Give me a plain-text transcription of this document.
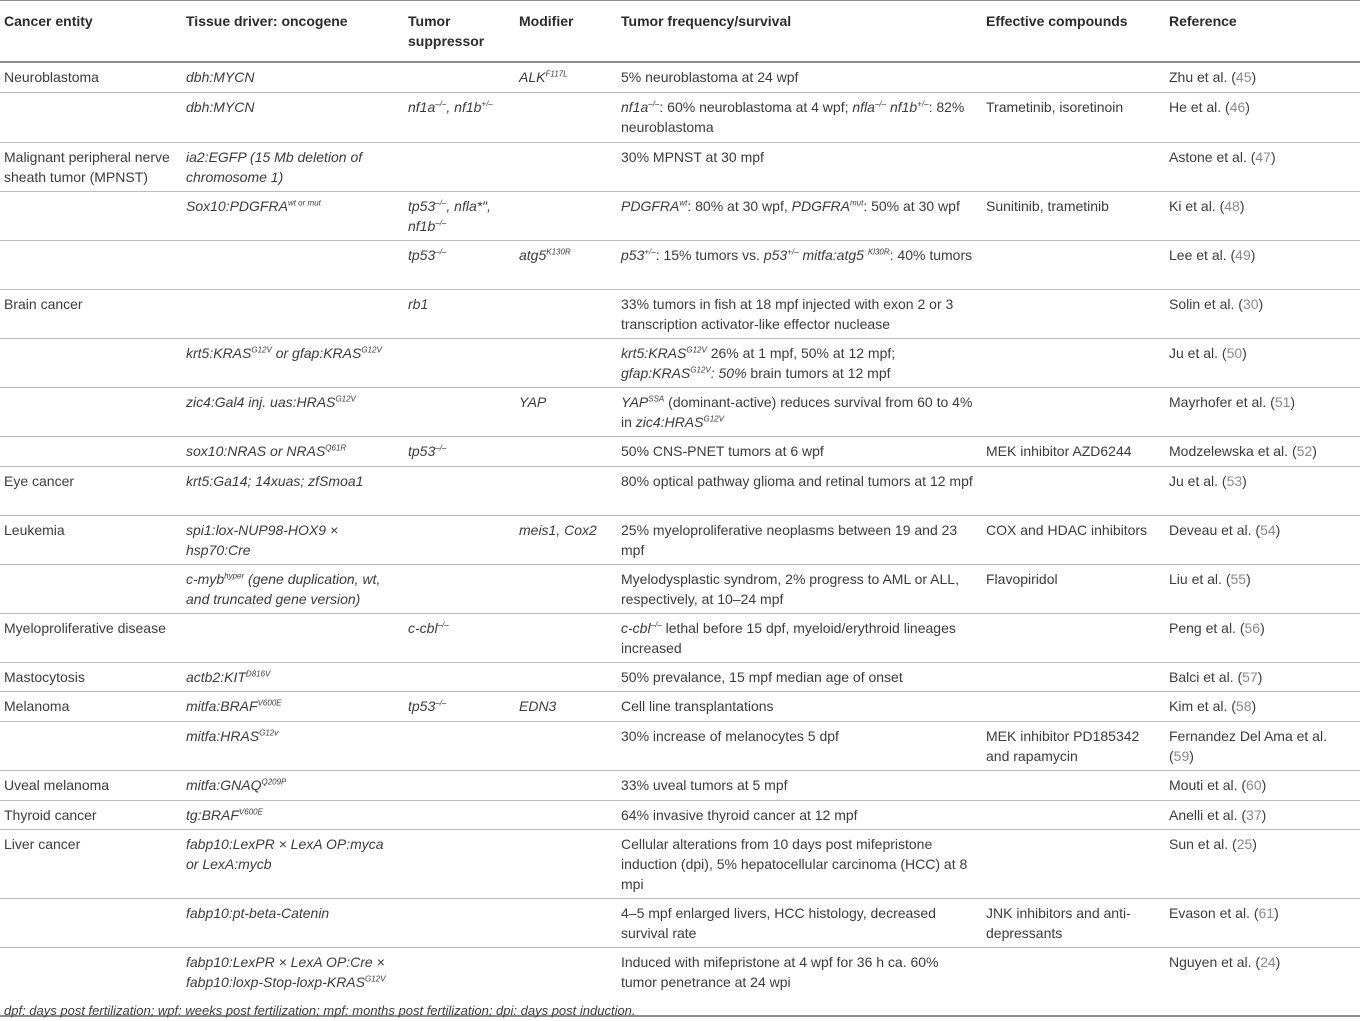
Cancer entity	Tissue driver: oncogene	Tumor suppressor	Modifier	Tumor frequency/survival	Effective compounds	Reference
Neuroblastoma	dbh:MYCN		$ALK^{F117L}$	5% neuroblastoma at 24 wpf		Zhu et al. (45)
	dbh:MYCN	nf1a–/–, nf1b+/–		nf1a–/–: 60% neuroblastoma at 4 wpf; nfla–/– nf1b+/–: 82% neuroblastoma	Trametinib, isoretinoin	He et al. (46)
Malignant peripheral nerve sheath tumor (MPNST)	ia2:EGFP (15 Mb deletion of chromosome 1)			30% MPNST at 30 mpf		Astone et al. (47)
	$Sox10:PDGFRA^{wt or mut}$	tp53–/–, nfla*″, nf1b–/–		$PDGFRA^{wt}$: 80% at 30 wpf, $PDGFRA^{mut}$: 50% at 30 wpf	Sunitinib, trametinib	Ki et al. (48)
		tp53–/–	$atg5^{K130R}$	p53+/–: 15% tumors vs. p53+/– mitfa:atg5 $^{Kl30R}$: 40% tumors		Lee et al. (49)
Brain cancer		rb1		33% tumors in fish at 18 mpf injected with exon 2 or 3 transcription activator-like effector nuclease		Solin et al. (30)
	$krt5:KRAS^{G12V}$ or $gfap:KRAS^{G12V}$			$krt5:KRAS^{G12V}$ 26% at 1 mpf, 50% at 12 mpf; $gfap:KRAS^{G12V}$: 50% brain tumors at 12 mpf		Ju et al. (50)
	zic4:Gal4 inj. $uas:HRAS^{G12V}$		YAP	$YAP^{SSA}$ (dominant-active) reduces survival from 60 to 4% in $zic4:HRAS^{G12V}$		Mayrhofer et al. (51)
	sox10:NRAS or $NRAS^{Q61R}$	tp53–/–		50% CNS-PNET tumors at 6 wpf	MEK inhibitor AZD6244	Modzelewska et al. (52)
Eye cancer	krt5:Ga14; 14xuas; zfSmoa1			80% optical pathway glioma and retinal tumors at 12 mpf		Ju et al. (53)
Leukemia	spi1:lox-NUP98-HOX9 × hsp70:Cre		meis1, Cox2	25% myeloproliferative neoplasms between 19 and 23 mpf	COX and HDAC inhibitors	Deveau et al. (54)
	c-myb$^{hyper}$ (gene duplication, wt, and truncated gene version)			Myelodysplastic syndrom, 2% progress to AML or ALL, respectively, at 10–24 mpf	Flavopiridol	Liu et al. (55)
Myeloproliferative disease		c-cbl–/–		c-cbl–/– lethal before 15 dpf, myeloid/erythroid lineages increased		Peng et al. (56)
Mastocytosis	$actb2:KIT^{D816V}$			50% prevalance, 15 mpf median age of onset		Balci et al. (57)
Melanoma	$mitfa:BRAF^{V600E}$	tp53–/–	EDN3	Cell line transplantations		Kim et al. (58)
	$mitfa:HRAS^{G12v}$			30% increase of melanocytes 5 dpf	MEK inhibitor PD185342 and rapamycin	Fernandez Del Ama et al. (59)
Uveal melanoma	$mitfa:GNAQ^{Q209P}$			33% uveal tumors at 5 mpf		Mouti et al. (60)
Thyroid cancer	$tg:BRAF^{V600E}$			64% invasive thyroid cancer at 12 mpf		Anelli et al. (37)
Liver cancer	fabp10:LexPR × LexA OP:myca or LexA:mycb			Cellular alterations from 10 days post mifepristone induction (dpi), 5% hepatocellular carcinoma (HCC) at 8 mpi		Sun et al. (25)
	fabp10:pt-beta-Catenin			4–5 mpf enlarged livers, HCC histology, decreased survival rate	JNK inhibitors and anti-depressants	Evason et al. (61)
	fabp10:LexPR × LexA OP:Cre × $fabp10:loxp-Stop-loxp-KRAS^{G12V}$			Induced with mifepristone at 4 wpf for 36 h ca. 60% tumor penetrance at 24 wpi		Nguyen et al. (24)
dpf: days post fertilization; wpf: weeks post fertilization; mpf: months post fertilization; dpi: days post induction.
